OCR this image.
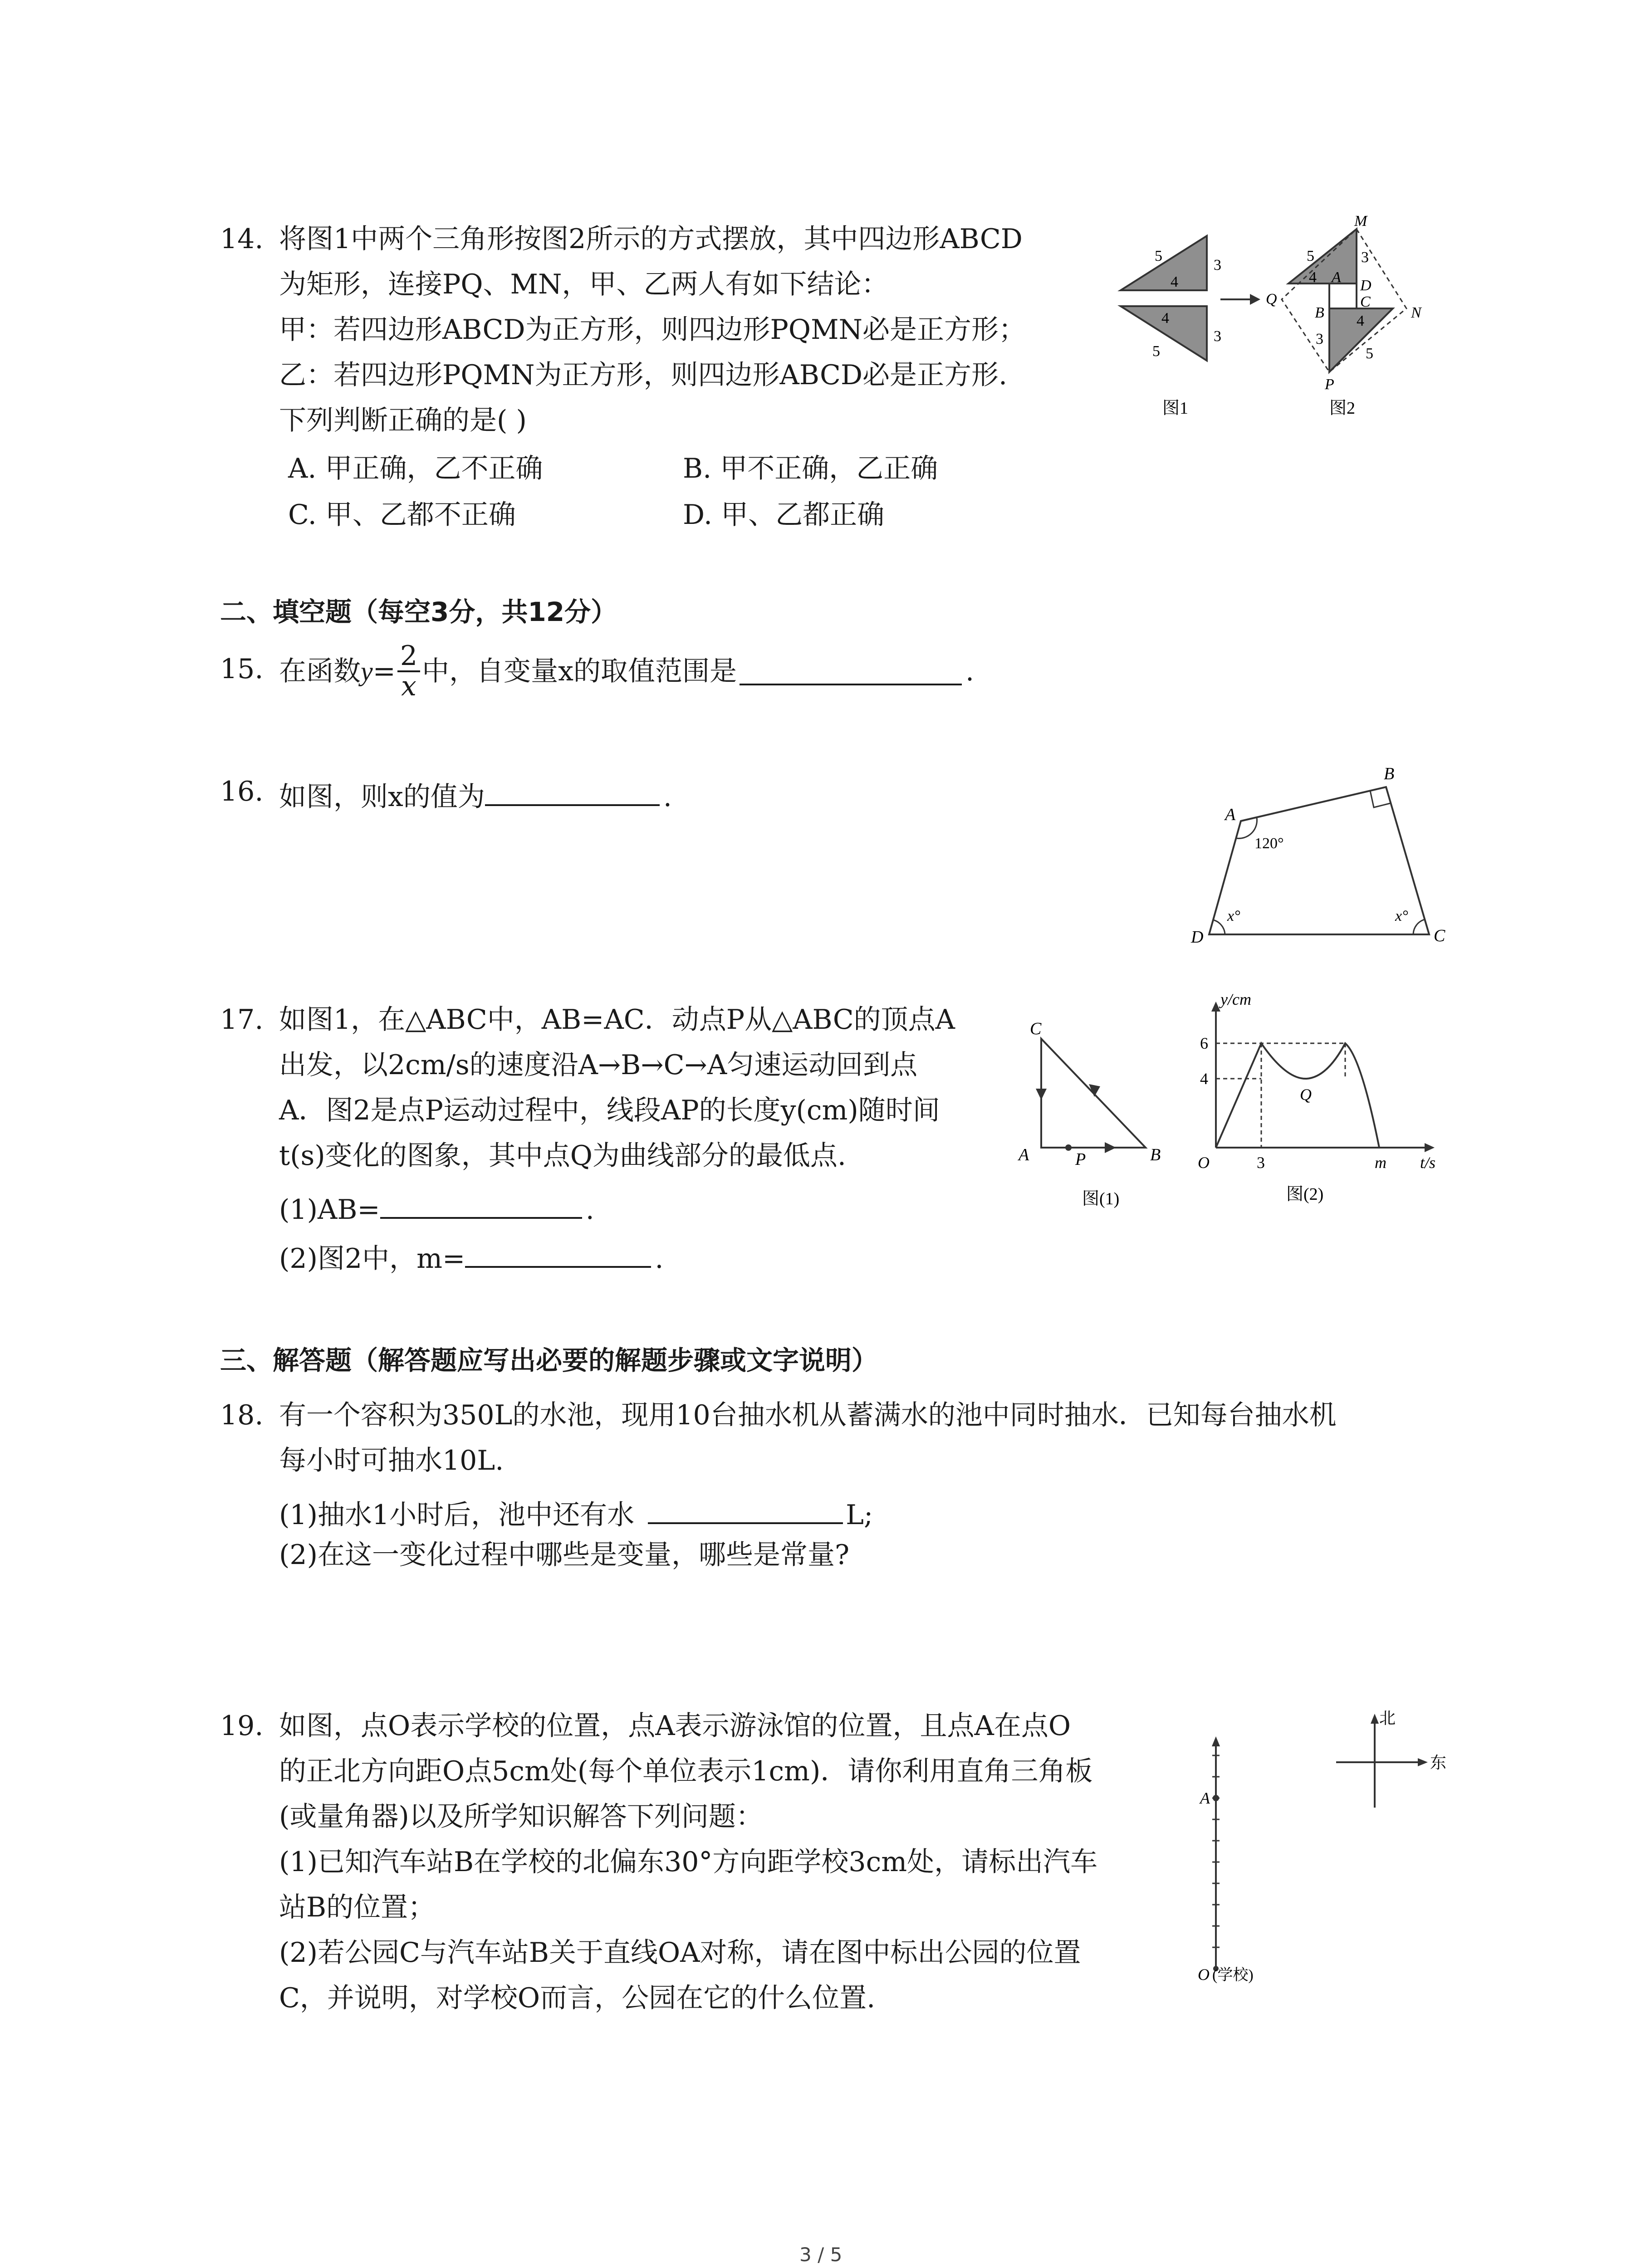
14. 将图1中两个三角形按图2所示的方式摆放，其中四边形ABCD
为矩形，连接PQ、MN，甲、乙两人有如下结论：
甲：若四边形ABCD为正方形，则四边形PQMN必是正方形；
乙：若四边形PQMN为正方形，则四边形ABCD必是正方形.
下列判断正确的是( )
A. 甲正确，乙不正确	B. 甲不正确，乙正确
C. 甲、乙都不正确	D. 甲、乙都正确
5
3
4
4
3
5
图1
M
Q
5	3
4 A D
B
C
N
4
3
5
P
图2
二、填空题（每空3分，共12分）
15. 在函数 $y = \frac{2}{x}$ 中，自变量x的取值范围是	.
16. 如图，则x的值为	.
A
B
C
D
120°
x°	x°
17. 如图1，在△ABC中，AB=AC．动点P从△ABC的顶点A
出发，以2cm/s的速度沿A→B→C→A匀速运动回到点
A．图2是点P运动过程中，线段AP的长度y(cm)随时间
t(s)变化的图象，其中点Q为曲线部分的最低点.
(1)AB=	.
(2)图2中，m=	.
C
A	B
P
图(1)
y/cm
t/s
O
6
4
3	m
Q
图(2)
三、解答题（解答题应写出必要的解题步骤或文字说明）
18. 有一个容积为350L的水池，现用10台抽水机从蓄满水的池中同时抽水．已知每台抽水机
每小时可抽水10L.
(1)抽水1小时后，池中还有水	L;
(2)在这一变化过程中哪些是变量，哪些是常量?
19. 如图，点O表示学校的位置，点A表示游泳馆的位置，且点A在点O
的正北方向距O点5cm处(每个单位表示1cm)．请你利用直角三角板
(或量角器)以及所学知识解答下列问题：
(1)已知汽车站B在学校的北偏东30°方向距学校3cm处，请标出汽车
站B的位置；
(2)若公园C与汽车站B关于直线OA对称，请在图中标出公园的位置
C，并说明，对学校O而言，公园在它的什么位置.
A
O (学校)
北
东
3 / 5
